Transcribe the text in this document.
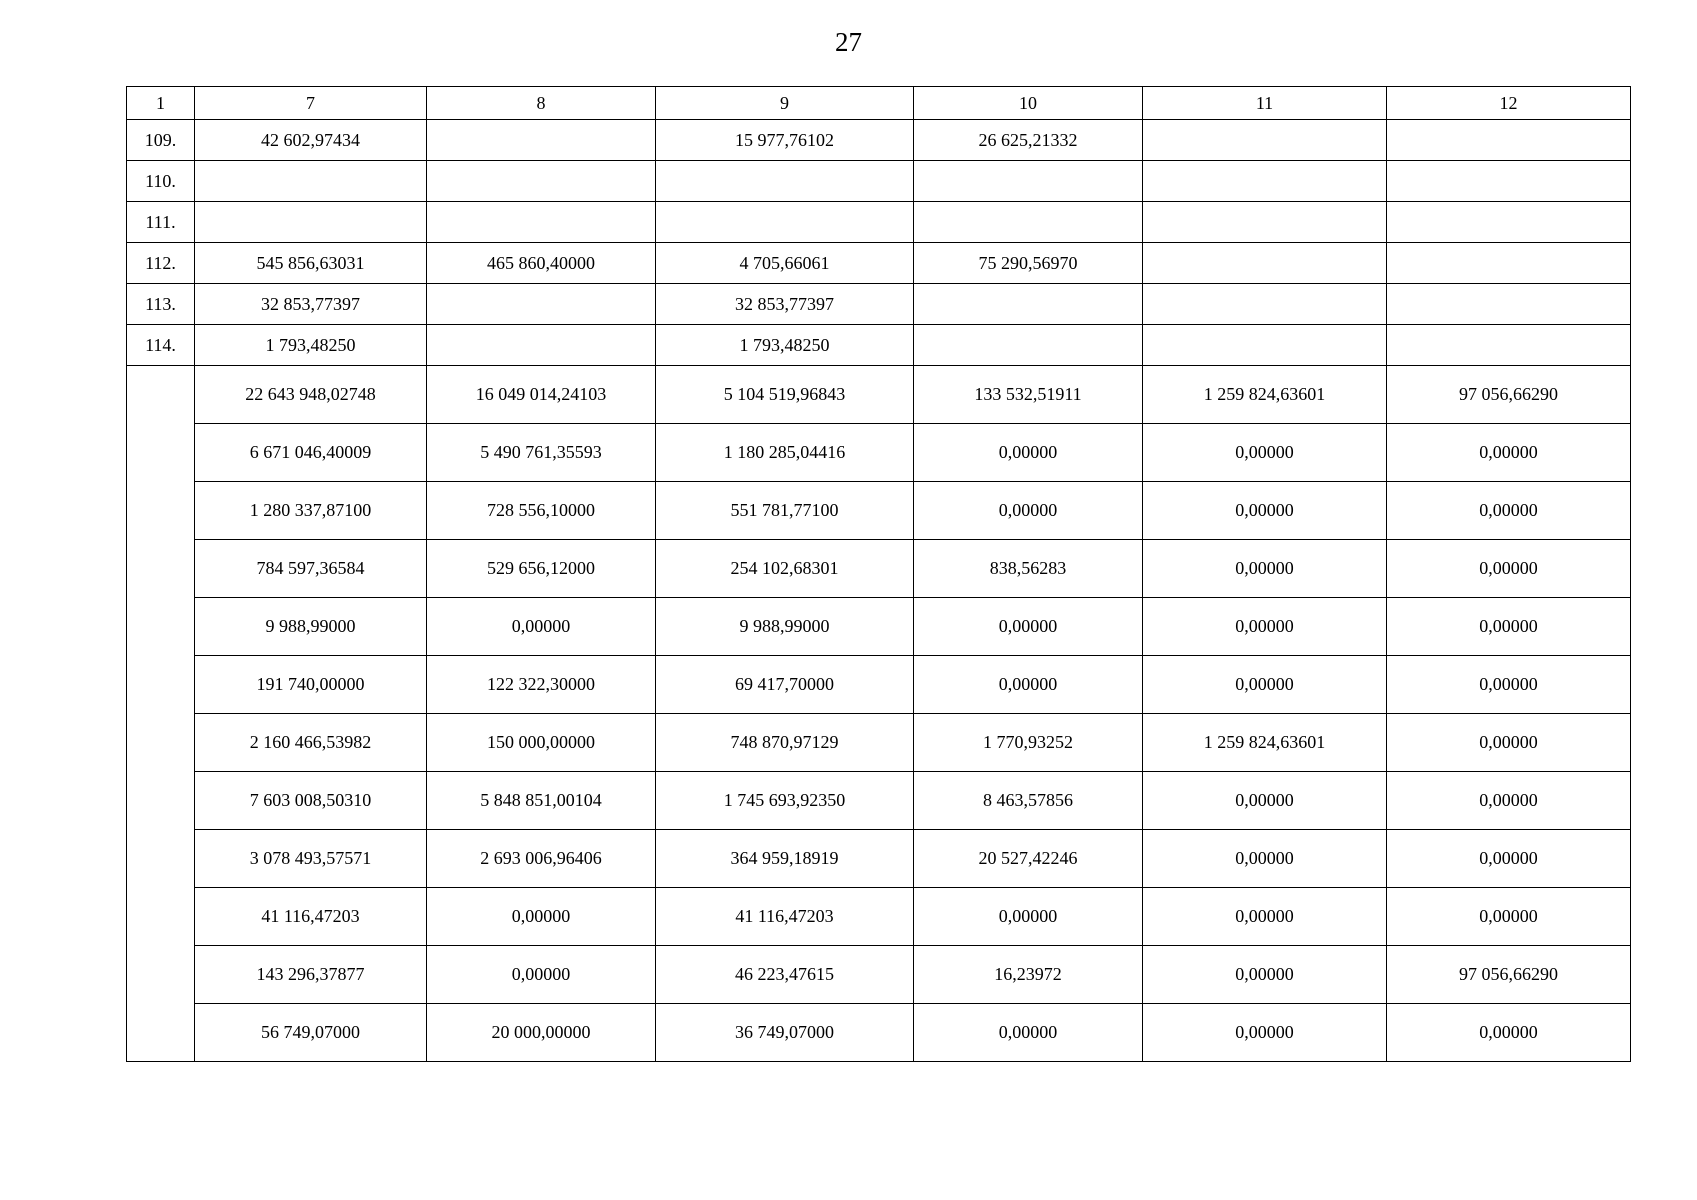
27
1	7	8	9	10	11	12
109.	42 602,97434		15 977,76102	26 625,21332		
110.						
111.						
112.	545 856,63031	465 860,40000	4 705,66061	75 290,56970		
113.	32 853,77397		32 853,77397			
114.	1 793,48250		1 793,48250			
	22 643 948,02748	16 049 014,24103	5 104 519,96843	133 532,51911	1 259 824,63601	97 056,66290
	6 671 046,40009	5 490 761,35593	1 180 285,04416	0,00000	0,00000	0,00000
	1 280 337,87100	728 556,10000	551 781,77100	0,00000	0,00000	0,00000
	784 597,36584	529 656,12000	254 102,68301	838,56283	0,00000	0,00000
	9 988,99000	0,00000	9 988,99000	0,00000	0,00000	0,00000
	191 740,00000	122 322,30000	69 417,70000	0,00000	0,00000	0,00000
	2 160 466,53982	150 000,00000	748 870,97129	1 770,93252	1 259 824,63601	0,00000
	7 603 008,50310	5 848 851,00104	1 745 693,92350	8 463,57856	0,00000	0,00000
	3 078 493,57571	2 693 006,96406	364 959,18919	20 527,42246	0,00000	0,00000
	41 116,47203	0,00000	41 116,47203	0,00000	0,00000	0,00000
	143 296,37877	0,00000	46 223,47615	16,23972	0,00000	97 056,66290
	56 749,07000	20 000,00000	36 749,07000	0,00000	0,00000	0,00000
